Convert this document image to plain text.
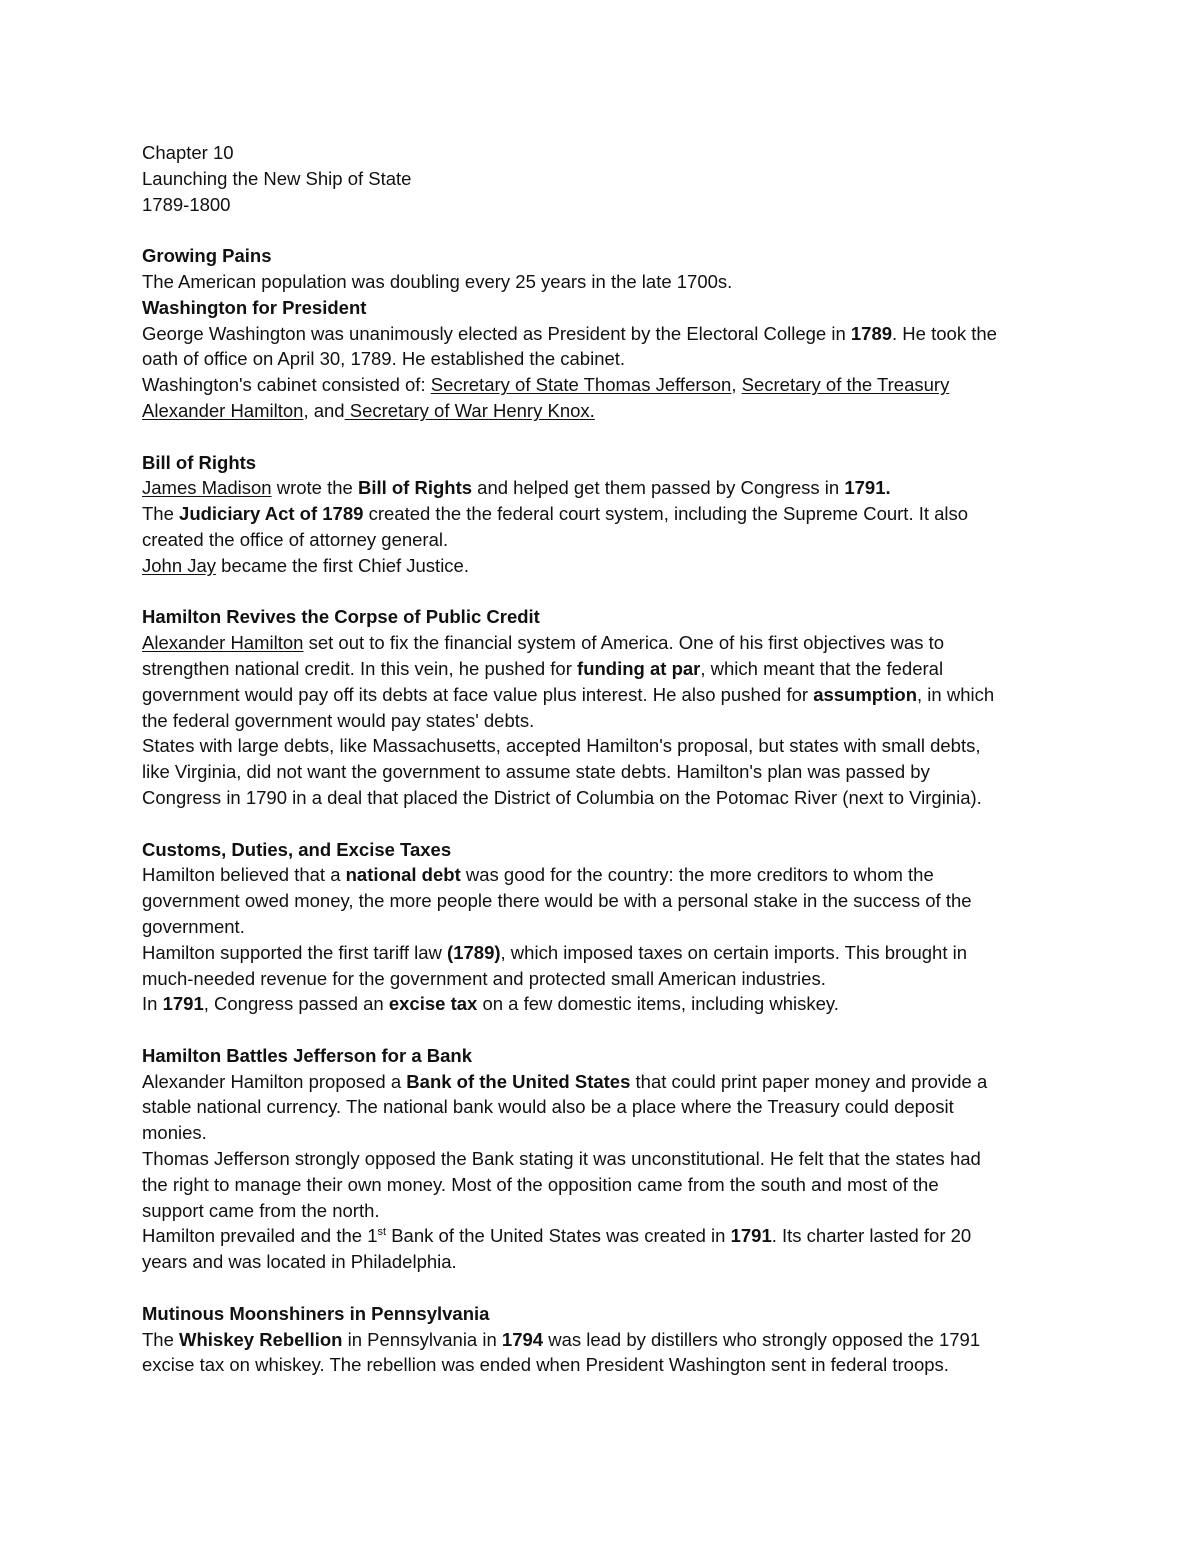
Chapter 10
Launching the New Ship of State
1789-1800
Growing Pains
The American population was doubling every 25 years in the late 1700s.
Washington for President
George Washington was unanimously elected as President by the Electoral College in 1789. He took the
oath of office on April 30, 1789. He established the cabinet.
Washington's cabinet consisted of: Secretary of State Thomas Jefferson, Secretary of the Treasury
Alexander Hamilton, and Secretary of War Henry Knox.
Bill of Rights
James Madison wrote the Bill of Rights and helped get them passed by Congress in 1791.
The Judiciary Act of 1789 created the the federal court system, including the Supreme Court. It also
created the office of attorney general.
John Jay became the first Chief Justice.
Hamilton Revives the Corpse of Public Credit
Alexander Hamilton set out to fix the financial system of America. One of his first objectives was to
strengthen national credit. In this vein, he pushed for funding at par, which meant that the federal
government would pay off its debts at face value plus interest. He also pushed for assumption, in which
the federal government would pay states' debts.
States with large debts, like Massachusetts, accepted Hamilton's proposal, but states with small debts,
like Virginia, did not want the government to assume state debts. Hamilton's plan was passed by
Congress in 1790 in a deal that placed the District of Columbia on the Potomac River (next to Virginia).
Customs, Duties, and Excise Taxes
Hamilton believed that a national debt was good for the country: the more creditors to whom the
government owed money, the more people there would be with a personal stake in the success of the
government.
Hamilton supported the first tariff law (1789), which imposed taxes on certain imports. This brought in
much-needed revenue for the government and protected small American industries.
In 1791, Congress passed an excise tax on a few domestic items, including whiskey.
Hamilton Battles Jefferson for a Bank
Alexander Hamilton proposed a Bank of the United States that could print paper money and provide a
stable national currency. The national bank would also be a place where the Treasury could deposit
monies.
Thomas Jefferson strongly opposed the Bank stating it was unconstitutional. He felt that the states had
the right to manage their own money. Most of the opposition came from the south and most of the
support came from the north.
Hamilton prevailed and the 1st Bank of the United States was created in 1791. Its charter lasted for 20
years and was located in Philadelphia.
Mutinous Moonshiners in Pennsylvania
The Whiskey Rebellion in Pennsylvania in 1794 was lead by distillers who strongly opposed the 1791
excise tax on whiskey. The rebellion was ended when President Washington sent in federal troops.
